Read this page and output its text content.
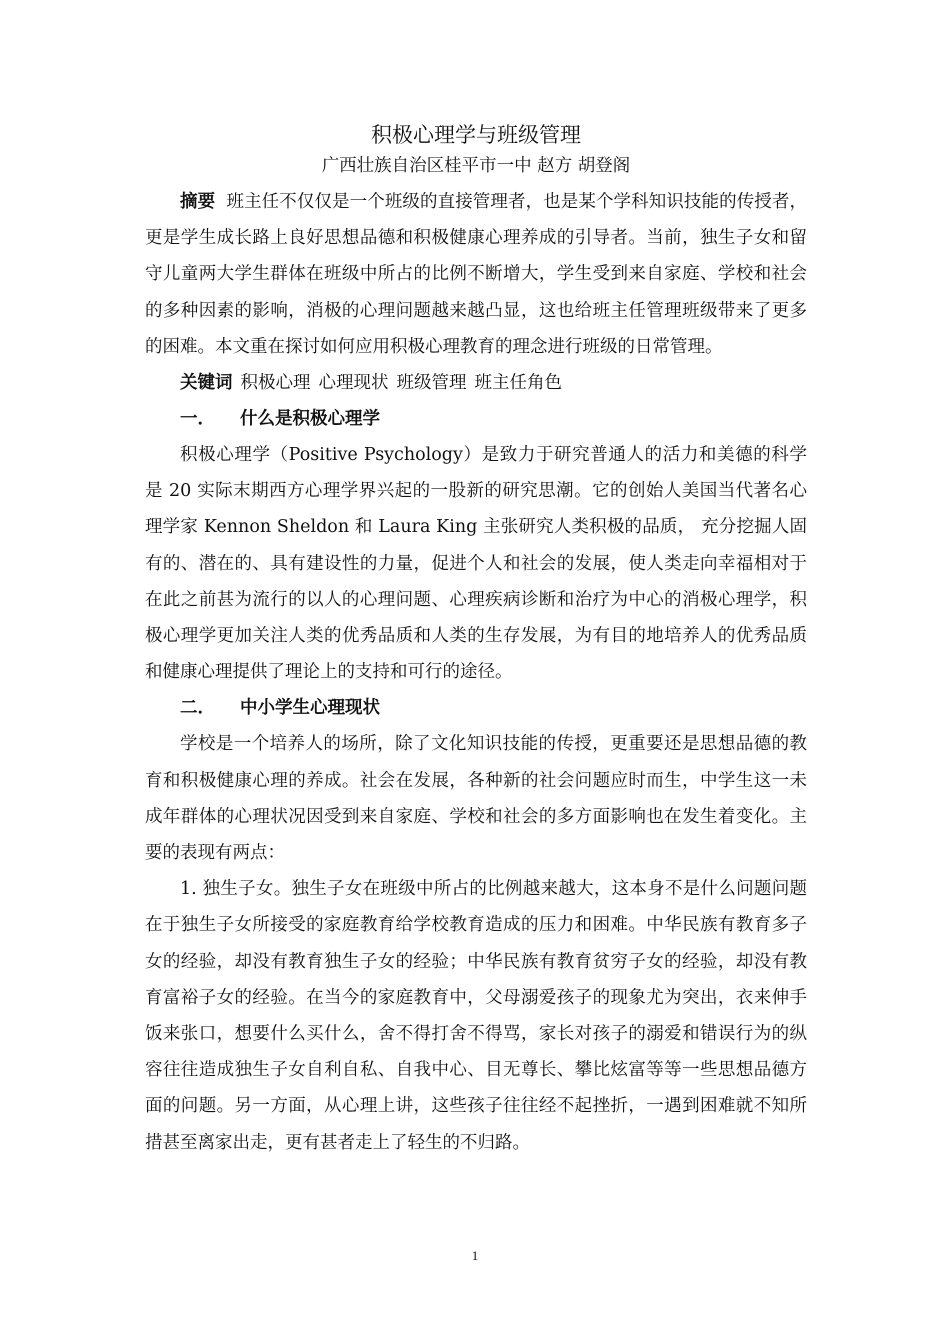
积极心理学与班级管理

广西壮族自治区桂平市一中 赵方 胡登阁

摘要 班主任不仅仅是一个班级的直接管理者，也是某个学科知识技能的传授者，更是学生成长路上良好思想品德和积极健康心理养成的引导者。当前，独生子女和留守儿童两大学生群体在班级中所占的比例不断增大，学生受到来自家庭、学校和社会的多种因素的影响，消极的心理问题越来越凸显，这也给班主任管理班级带来了更多的困难。本文重在探讨如何应用积极心理教育的理念进行班级的日常管理。

关键词 积极心理 心理现状 班级管理 班主任角色

一． 什么是积极心理学

积极心理学（Positive Psychology）是致力于研究普通人的活力和美德的科学是 20 实际末期西方心理学界兴起的一股新的研究思潮。它的创始人美国当代著名心理学家 Kennon Sheldon 和 Laura King 主张研究人类积极的品质， 充分挖掘人固有的、潜在的、具有建设性的力量，促进个人和社会的发展，使人类走向幸福相对于在此之前甚为流行的以人的心理问题、心理疾病诊断和治疗为中心的消极心理学，积极心理学更加关注人类的优秀品质和人类的生存发展，为有目的地培养人的优秀品质和健康心理提供了理论上的支持和可行的途径。

二． 中小学生心理现状

学校是一个培养人的场所，除了文化知识技能的传授，更重要还是思想品德的教育和积极健康心理的养成。社会在发展，各种新的社会问题应时而生，中学生这一未成年群体的心理状况因受到来自家庭、学校和社会的多方面影响也在发生着变化。主要的表现有两点：

1. 独生子女。独生子女在班级中所占的比例越来越大，这本身不是什么问题问题在于独生子女所接受的家庭教育给学校教育造成的压力和困难。中华民族有教育多子女的经验，却没有教育独生子女的经验；中华民族有教育贫穷子女的经验，却没有教育富裕子女的经验。在当今的家庭教育中，父母溺爱孩子的现象尤为突出，衣来伸手饭来张口，想要什么买什么，舍不得打舍不得骂，家长对孩子的溺爱和错误行为的纵容往往造成独生子女自利自私、自我中心、目无尊长、攀比炫富等等一些思想品德方面的问题。另一方面，从心理上讲，这些孩子往往经不起挫折，一遇到困难就不知所措甚至离家出走，更有甚者走上了轻生的不归路。

1
